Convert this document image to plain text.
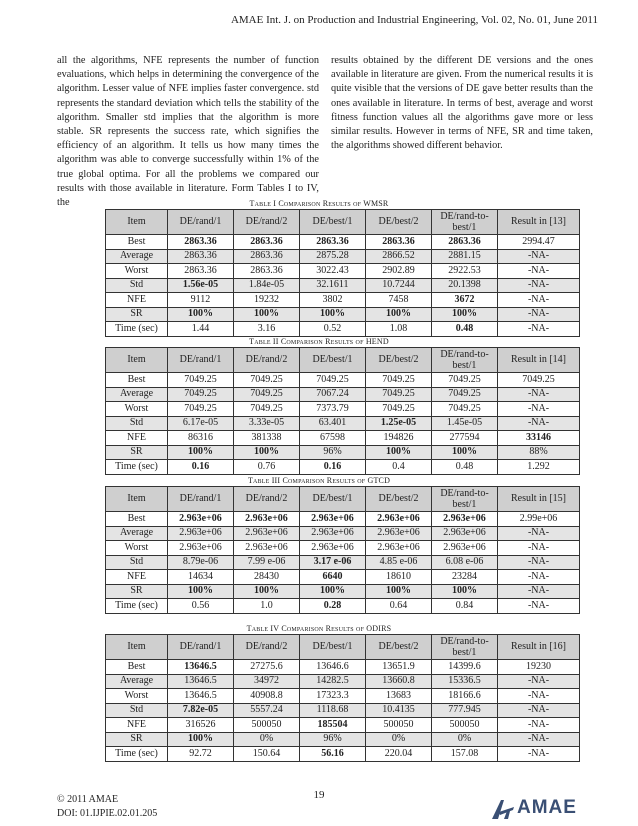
AMAE Int. J. on Production and Industrial Engineering, Vol. 02, No. 01, June 2011
all the algorithms, NFE represents the number of function evaluations, which helps in determining the convergence of the algorithm. Lesser value of NFE implies faster convergence. std represents the standard deviation which tells the stability of the algorithm. Smaller std implies that the algorithm is more stable. SR represents the success rate, which signifies the efficiency of an algorithm. It tells us how many times the algorithm was able to converge successfully within 1% of the true global optima. For all the problems we compared our results with those available in literature. Form Tables I to IV, the
results obtained by the different DE versions and the ones available in literature are given. From the numerical results it is quite visible that the versions of DE gave better results than the ones available in literature. In terms of best, average and worst fitness function values all the algorithms gave more or less similar results. However in terms of NFE, SR and time taken, the algorithms showed different behavior.
Table I Comparison Results of WMSR
Item	DE/rand/1	DE/rand/2	DE/best/1	DE/best/2	DE/rand-to-best/1	Result in [13]
Best	2863.36	2863.36	2863.36	2863.36	2863.36	2994.47
Average	2863.36	2863.36	2875.28	2866.52	2881.15	-NA-
Worst	2863.36	2863.36	3022.43	2902.89	2922.53	-NA-
Std	1.56e-05	1.84e-05	32.1611	10.7244	20.1398	-NA-
NFE	9112	19232	3802	7458	3672	-NA-
SR	100%	100%	100%	100%	100%	-NA-
Time (sec)	1.44	3.16	0.52	1.08	0.48	-NA-
Table II Comparison Results of HEND
Item	DE/rand/1	DE/rand/2	DE/best/1	DE/best/2	DE/rand-to-best/1	Result in [14]
Best	7049.25	7049.25	7049.25	7049.25	7049.25	7049.25
Average	7049.25	7049.25	7067.24	7049.25	7049.25	-NA-
Worst	7049.25	7049.25	7373.79	7049.25	7049.25	-NA-
Std	6.17e-05	3.33e-05	63.401	1.25e-05	1.45e-05	-NA-
NFE	86316	381338	67598	194826	277594	33146
SR	100%	100%	96%	100%	100%	88%
Time (sec)	0.16	0.76	0.16	0.4	0.48	1.292
Table III Comparison Results of GTCD
Item	DE/rand/1	DE/rand/2	DE/best/1	DE/best/2	DE/rand-to-best/1	Result in [15]
Best	2.963e+06	2.963e+06	2.963e+06	2.963e+06	2.963e+06	2.99e+06
Average	2.963e+06	2.963e+06	2.963e+06	2.963e+06	2.963e+06	-NA-
Worst	2.963e+06	2.963e+06	2.963e+06	2.963e+06	2.963e+06	-NA-
Std	8.79e-06	7.99 e-06	3.17 e-06	4.85 e-06	6.08 e-06	-NA-
NFE	14634	28430	6640	18610	23284	-NA-
SR	100%	100%	100%	100%	100%	-NA-
Time (sec)	0.56	1.0	0.28	0.64	0.84	-NA-
Table IV Comparison Results of ODIRS
Item	DE/rand/1	DE/rand/2	DE/best/1	DE/best/2	DE/rand-to-best/1	Result in [16]
Best	13646.5	27275.6	13646.6	13651.9	14399.6	19230
Average	13646.5	34972	14282.5	13660.8	15336.5	-NA-
Worst	13646.5	40908.8	17323.3	13683	18166.6	-NA-
Std	7.82e-05	5557.24	1118.68	10.4135	777.945	-NA-
NFE	316526	500050	185504	500050	500050	-NA-
SR	100%	0%	96%	0%	0%	-NA-
Time (sec)	92.72	150.64	56.16	220.04	157.08	-NA-
19
© 2011 AMAE
DOI: 01.IJPIE.02.01.205	AMAE
